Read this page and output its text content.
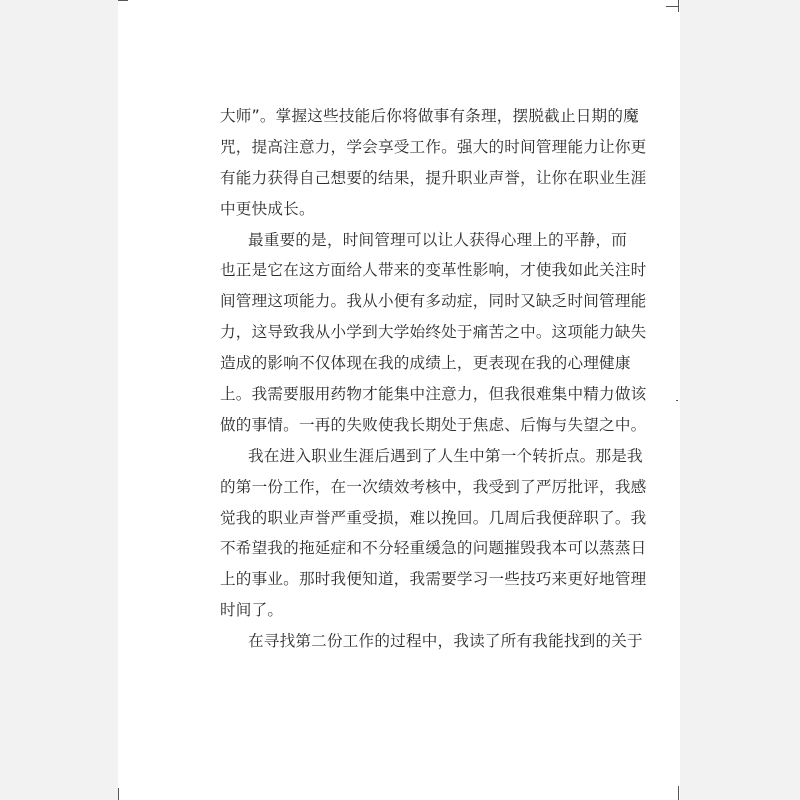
大师”。掌握这些技能后你将做事有条理，摆脱截止日期的魔
咒，提高注意力，学会享受工作。强大的时间管理能力让你更
有能力获得自己想要的结果，提升职业声誉，让你在职业生涯
中更快成长。
最重要的是，时间管理可以让人获得心理上的平静，而
也正是它在这方面给人带来的变革性影响，才使我如此关注时
间管理这项能力。我从小便有多动症，同时又缺乏时间管理能
力，这导致我从小学到大学始终处于痛苦之中。这项能力缺失
造成的影响不仅体现在我的成绩上，更表现在我的心理健康
上。我需要服用药物才能集中注意力，但我很难集中精力做该
做的事情。一再的失败使我长期处于焦虑、后悔与失望之中。
我在进入职业生涯后遇到了人生中第一个转折点。那是我
的第一份工作，在一次绩效考核中，我受到了严厉批评，我感
觉我的职业声誉严重受损，难以挽回。几周后我便辞职了。我
不希望我的拖延症和不分轻重缓急的问题摧毁我本可以蒸蒸日
上的事业。那时我便知道，我需要学习一些技巧来更好地管理
时间了。
在寻找第二份工作的过程中，我读了所有我能找到的关于
